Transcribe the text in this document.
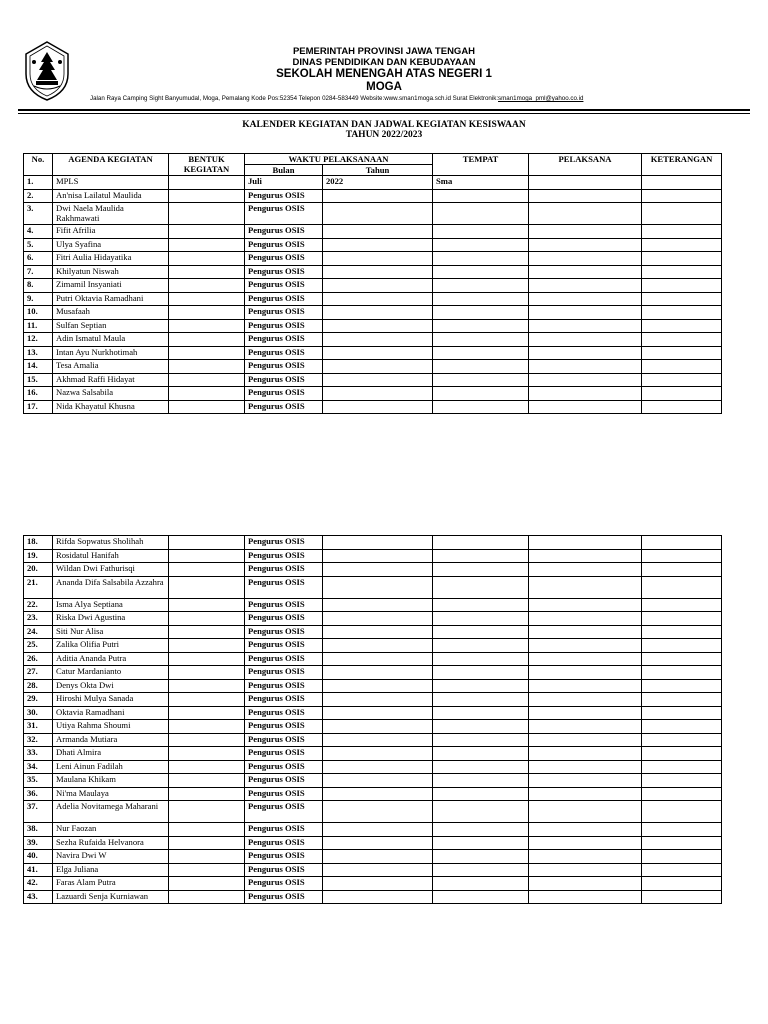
PEMERINTAH PROVINSI JAWA TENGAH
DINAS PENDIDIKAN DAN KEBUDAYAAN
SEKOLAH MENENGAH ATAS NEGERI 1
MOGA
Jalan Raya Camping Sight Banyumudal, Moga, Pemalang Kode Pos:52354 Telepon 0284-583449 Website:www.sman1moga.sch.id Surat Elektronik:sman1moga_pml@yahoo.co.id
KALENDER KEGIATAN DAN JADWAL KEGIATAN KESISWAAN
TAHUN 2022/2023
No.	AGENDA KEGIATAN	BENTUK KEGIATAN	WAKTU PELAKSANAAN		TEMPAT	PELAKSANA	KETERANGAN
			Bulan	Tahun			
1.	MPLS		Juli	2022	Sma		
2.	An'nisa Lailatul Maulida		Pengurus OSIS				
3.	Dwi Naela Maulida Rakhmawati		Pengurus OSIS				
4.	Fifit Afrilia		Pengurus OSIS				
5.	Ulya Syafina		Pengurus OSIS				
6.	Fitri Aulia Hidayatika		Pengurus OSIS				
7.	Khilyatun Niswah		Pengurus OSIS				
8.	Zimamil Insyaniati		Pengurus OSIS				
9.	Putri Oktavia Ramadhani		Pengurus OSIS				
10.	Musafaah		Pengurus OSIS				
11.	Sulfan Septian		Pengurus OSIS				
12.	Adin Ismatul Maula		Pengurus OSIS				
13.	Intan Ayu Nurkhotimah		Pengurus OSIS				
14.	Tesa Amalia		Pengurus OSIS				
15.	Akhmad Raffi Hidayat		Pengurus OSIS				
16.	Nazwa Salsabila		Pengurus OSIS				
17.	Nida Khayatul Khusna		Pengurus OSIS				
18.	Rifda Sopwatus Sholihah		Pengurus OSIS				
19.	Rosidatul Hanifah		Pengurus OSIS				
20.	Wildan Dwi Fathurisqi		Pengurus OSIS				
21.	Ananda Difa Salsabila Azzahra		Pengurus OSIS				
22.	Isma Alya Septiana		Pengurus OSIS				
23.	Riska Dwi Agustina		Pengurus OSIS				
24.	Siti Nur Alisa		Pengurus OSIS				
25.	Zalika Olifia Putri		Pengurus OSIS				
26.	Aditia Ananda Putra		Pengurus OSIS				
27.	Catur Mardanianto		Pengurus OSIS				
28.	Denys Okta Dwi		Pengurus OSIS				
29.	Hiroshi Mulya Sanada		Pengurus OSIS				
30.	Oktavia Ramadhani		Pengurus OSIS				
31.	Utiya Rahma Shoumi		Pengurus OSIS				
32.	Armanda Mutiara		Pengurus OSIS				
33.	Dhati Almira		Pengurus OSIS				
34.	Leni Ainun Fadilah		Pengurus OSIS				
35.	Maulana Khikam		Pengurus OSIS				
36.	Ni'ma Maulaya		Pengurus OSIS				
37.	Adelia Novitamega Maharani		Pengurus OSIS				
38.	Nur Faozan		Pengurus OSIS				
39.	Sezha Rufaida Helvanora		Pengurus OSIS				
40.	Navira Dwi W		Pengurus OSIS				
41.	Elga Juliana		Pengurus OSIS				
42.	Faras Alam Putra		Pengurus OSIS				
43.	Lazuardi Senja Kurniawan		Pengurus OSIS				
